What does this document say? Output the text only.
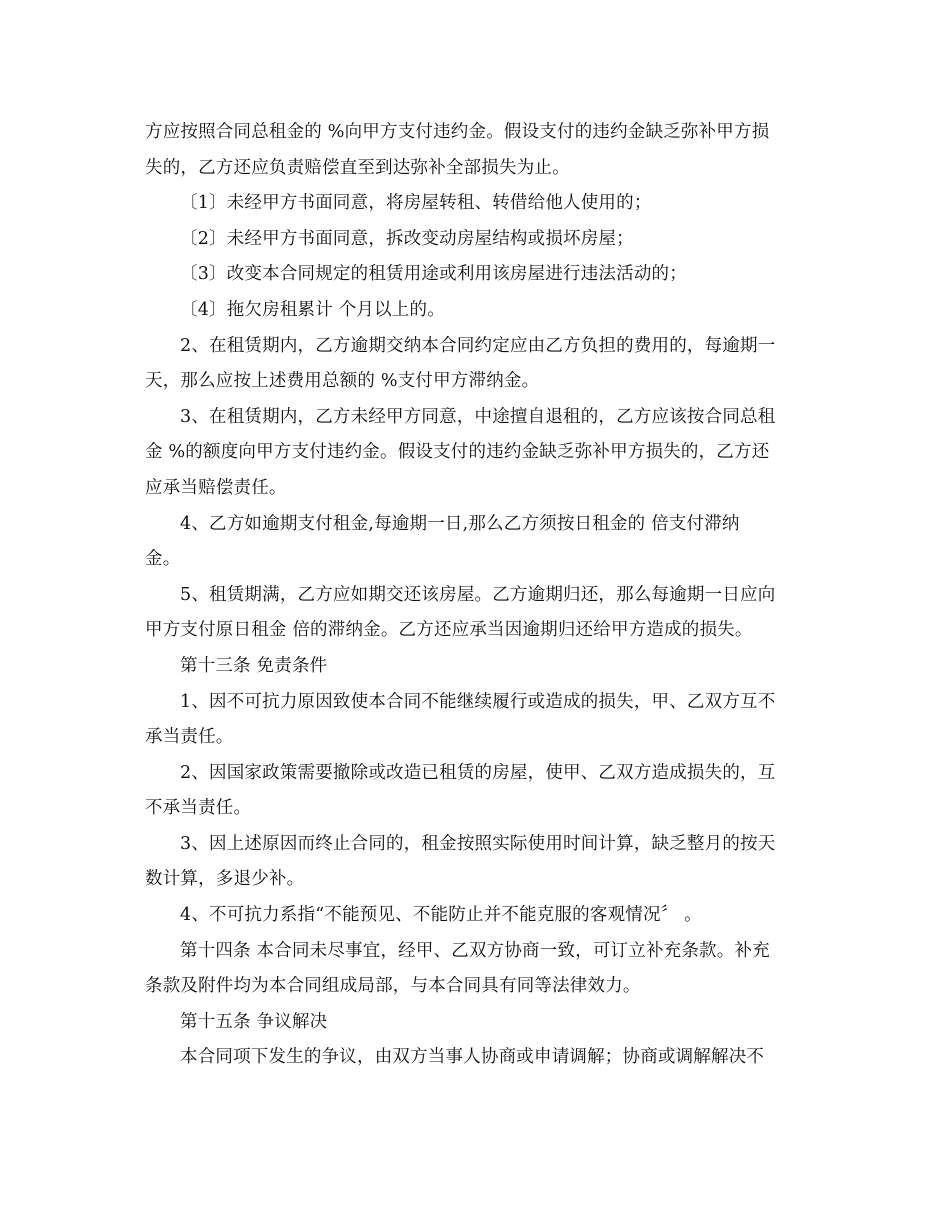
方应按照合同总租金的 %向甲方支付违约金。假设支付的违约金缺乏弥补甲方损
失的，乙方还应负责赔偿直至到达弥补全部损失为止。
〔1〕未经甲方书面同意，将房屋转租、转借给他人使用的；
〔2〕未经甲方书面同意，拆改变动房屋结构或损坏房屋；
〔3〕改变本合同规定的租赁用途或利用该房屋进行违法活动的；
〔4〕拖欠房租累计 个月以上的。
2、在租赁期内，乙方逾期交纳本合同约定应由乙方负担的费用的，每逾期一
天，那么应按上述费用总额的 %支付甲方滞纳金。
3、在租赁期内，乙方未经甲方同意，中途擅自退租的，乙方应该按合同总租
金 %的额度向甲方支付违约金。假设支付的违约金缺乏弥补甲方损失的，乙方还
应承当赔偿责任。
4、乙方如逾期支付租金,每逾期一日,那么乙方须按日租金的 倍支付滞纳
金。
5、租赁期满，乙方应如期交还该房屋。乙方逾期归还，那么每逾期一日应向
甲方支付原日租金 倍的滞纳金。乙方还应承当因逾期归还给甲方造成的损失。
第十三条 免责条件
1、因不可抗力原因致使本合同不能继续履行或造成的损失，甲、乙双方互不
承当责任。
2、因国家政策需要撤除或改造已租赁的房屋，使甲、乙双方造成损失的，互
不承当责任。
3、因上述原因而终止合同的，租金按照实际使用时间计算，缺乏整月的按天
数计算，多退少补。
4、不可抗力系指“不能预见、不能防止并不能克服的客观情况〞 。
第十四条 本合同未尽事宜，经甲、乙双方协商一致，可订立补充条款。补充
条款及附件均为本合同组成局部，与本合同具有同等法律效力。
第十五条 争议解决
本合同项下发生的争议，由双方当事人协商或申请调解；协商或调解解决不
